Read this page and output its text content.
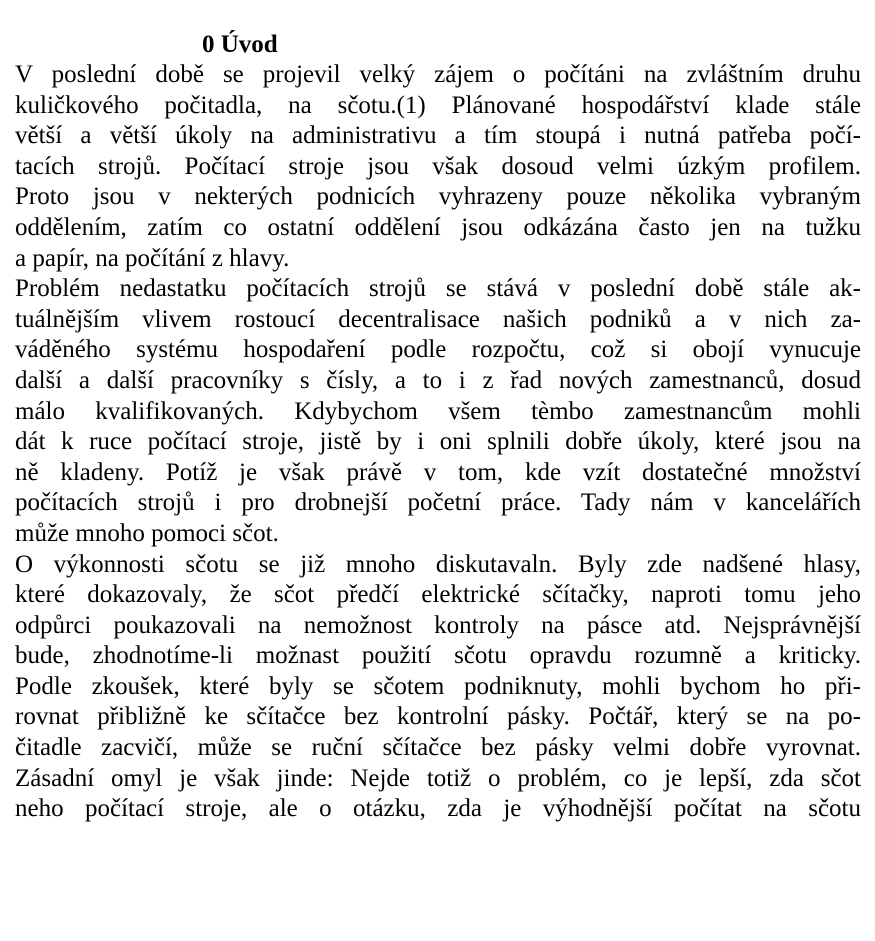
0 Úvod
V poslední době se projevil velký zájem o počítáni na zvláštním druhu
kuličkového počitadla, na sčotu.(1) Plánované hospodářství klade stále
větší a větší úkoly na administrativu a tím stoupá i nutná patřeba počí-
tacích strojů. Počítací stroje jsou však dosoud velmi úzkým profilem.
Proto jsou v nekterých podnicích vyhrazeny pouze několika vybraným
oddělením, zatím co ostatní oddělení jsou odkázána často jen na tužku
a papír, na počítání z hlavy.
Problém nedastatku počítacích strojů se stává v poslední době stále ak-
tuálnějším vlivem rostoucí decentralisace našich podniků a v nich za-
váděného systému hospodaření podle rozpočtu, což si obojí vynucuje
další a další pracovníky s čísly, a to i z řad nových zamestnanců, dosud
málo kvalifikovaných. Kdybychom všem tèmbo zamestnancům mohli
dát k ruce počítací stroje, jistě by i oni splnili dobře úkoly, které jsou na
ně kladeny. Potíž je však právě v tom, kde vzít dostatečné množství
počítacích strojů i pro drobnejší početní práce. Tady nám v kancelářích
může mnoho pomoci sčot.
O výkonnosti sčotu se již mnoho diskutavaln. Byly zde nadšené hlasy,
které dokazovaly, že sčot předčí elektrické sčítačky, naproti tomu jeho
odpůrci poukazovali na nemožnost kontroly na pásce atd. Nejsprávnější
bude, zhodnotíme-li možnast použití sčotu opravdu rozumně a kriticky.
Podle zkoušek, které byly se sčotem podniknuty, mohli bychom ho při-
rovnat přibližně ke sčítačce bez kontrolní pásky. Počtář, který se na po-
čitadle zacvičí, může se ruční sčítačce bez pásky velmi dobře vyrovnat.
Zásadní omyl je však jinde: Nejde totiž o problém, co je lepší, zda sčot
neho počítací stroje, ale o otázku, zda je výhodnější počítat na sčotu
